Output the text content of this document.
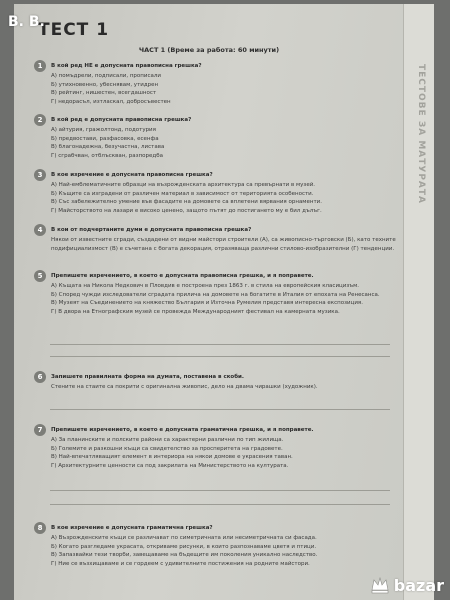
ТЕСТОВЕ ЗА МАТУРАТА
ТЕСТ 1
ЧАСТ 1 (Време за работа: 60 минути)
1	В кой ред НЕ е допусната правописна грешка?
А) помъдрели, подписали, прописали
Б) утихновенно, убеснявам, утидрен
В) рейтинг, нишестен, всегдашност
Г) недорасъл, изтласкал, добросъвестен
2	В кой ред е допусната правописна грешка?
А) айтурия, гражолтонд, подотурия
Б) предвостави, разфасовка, есенфа
В) благонадежна, безучастна, листава
Г) сграбчван, отблъскван, разпоредба
3	В кое изречение е допусната правописна грешка?
А) Най-емблематичните образци на възрожденската архитектура са превърнати в музей.
Б) Къщите са изградени от различен материал в зависимост от територията особености.
В) Със забележително умение във фасадите на домовете са вплетени вярвания орнаменти.
Г) Майсторството на лазари е високо ценено, защото пътят до постигането му е бил дълъг.
4	В кои от подчертаните думи е допусната правописна грешка?
Някои от известните сгради, създадени от видни майстори строители (А), са живописно-търговски (Б), като техните подифициализмост (В) е съчетана с богата декорация, отразяваща различни стилово-изобразителни (Г) тенденции.
5	Препишете изречението, в което е допусната правописна грешка, и я поправете.
А) Къщата на Никола Недкович в Пловдив е построена през 1863 г. в стила на европейския класицизъм.
Б) Според чужди изследователи сградата прилича на домовете на богатите в Италия от епохата на Ренесанса.
В) Музеят на Съединението на княжество България и Източна Румелия представя интересна експозиция.
Г) В двора на Етнографския музей се провежда Международният фестивал на камерната музика.
6	Запишете правилната форма на думата, поставена в скоби.
Стените на стаите са покрити с оригинална живопис, дело на двама чирашки (художник).
7	Препишете изречението, в което е допусната граматична грешка, и я поправете.
А) За планинските и полските райони са характерни различни по тип жилища.
Б) Големите и разкошни къщи са свидетелство за просперитета на градовете.
В) Най-впечатляващият елемент в интериора на някои домове е украсения таван.
Г) Архитектурните ценности са под закрилата на Министерството на културата.
8	В кое изречение е допусната граматична грешка?
А) Възрожденските къщи се различават по симетричната или несиметричната си фасада.
Б) Когато разгледаме украсата, откриваме рисунки, в които разпознаваме цветя и птици.
В) Запазвайки тези творби, завещаваме на бъдещите им поколения уникално наследство.
Г) Ние се възхищаваме и се гордеем с удивителните постижения на родните майстори.
B. B.
bazar
